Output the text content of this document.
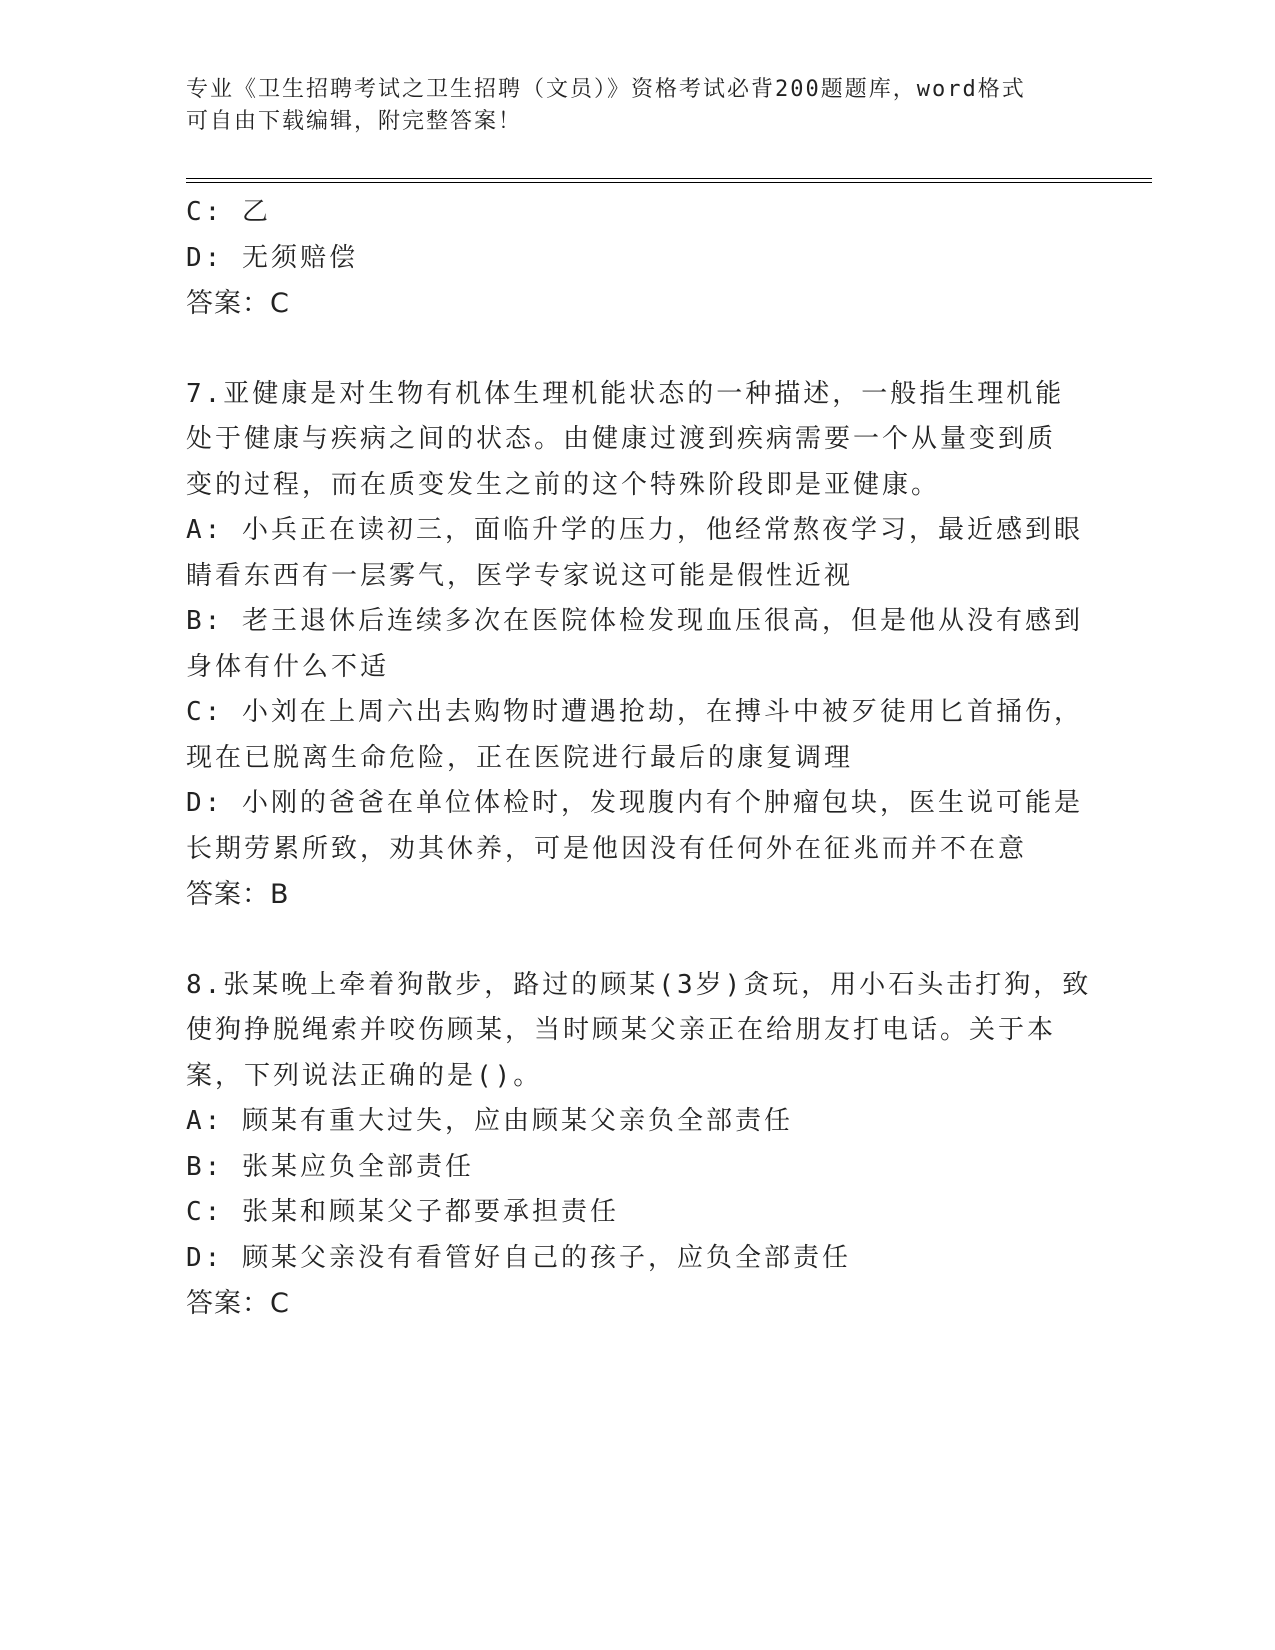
专业《卫生招聘考试之卫生招聘（文员）》资格考试必背200题题库，word格式
可自由下载编辑，附完整答案！
C: 乙
D: 无须赔偿
答案：C
7.亚健康是对生物有机体生理机能状态的一种描述，一般指生理机能
处于健康与疾病之间的状态。由健康过渡到疾病需要一个从量变到质
变的过程，而在质变发生之前的这个特殊阶段即是亚健康。
A: 小兵正在读初三，面临升学的压力，他经常熬夜学习，最近感到眼
睛看东西有一层雾气，医学专家说这可能是假性近视
B: 老王退休后连续多次在医院体检发现血压很高，但是他从没有感到
身体有什么不适
C: 小刘在上周六出去购物时遭遇抢劫，在搏斗中被歹徒用匕首捅伤，
现在已脱离生命危险，正在医院进行最后的康复调理
D: 小刚的爸爸在单位体检时，发现腹内有个肿瘤包块，医生说可能是
长期劳累所致，劝其休养，可是他因没有任何外在征兆而并不在意
答案：B
8.张某晚上牵着狗散步，路过的顾某(3岁)贪玩，用小石头击打狗，致
使狗挣脱绳索并咬伤顾某，当时顾某父亲正在给朋友打电话。关于本
案，下列说法正确的是()。
A: 顾某有重大过失，应由顾某父亲负全部责任
B: 张某应负全部责任
C: 张某和顾某父子都要承担责任
D: 顾某父亲没有看管好自己的孩子，应负全部责任
答案：C
